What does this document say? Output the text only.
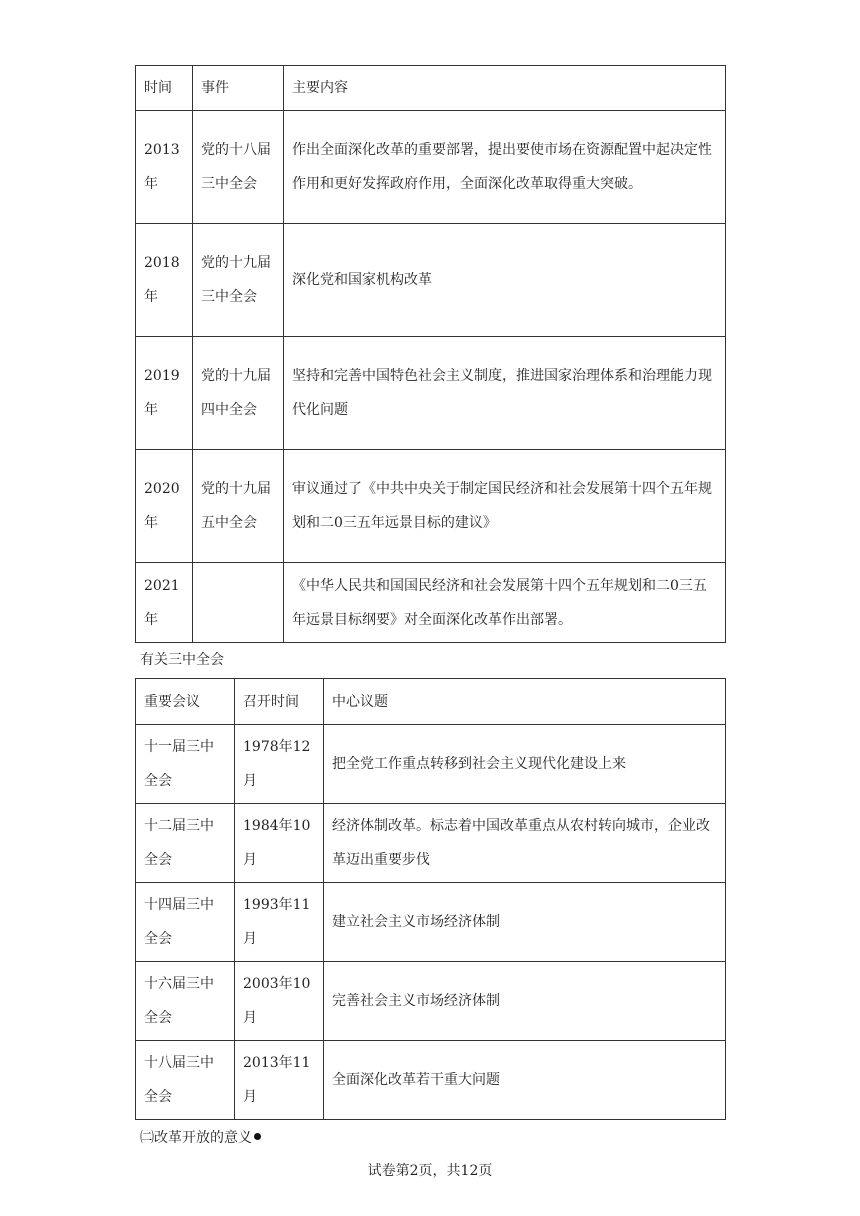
时间	事件	主要内容
2013年	党的十八届三中全会	作出全面深化改革的重要部署，提出要使市场在资源配置中起决定性作用和更好发挥政府作用，全面深化改革取得重大突破。
2018年	党的十九届三中全会	深化党和国家机构改革
2019年	党的十九届四中全会	坚持和完善中国特色社会主义制度，推进国家治理体系和治理能力现代化问题
2020年	党的十九届五中全会	审议通过了《中共中央关于制定国民经济和社会发展第十四个五年规划和二0三五年远景目标的建议》
2021年		《中华人民共和国国民经济和社会发展第十四个五年规划和二0三五年远景目标纲要》对全面深化改革作出部署。
有关三中全会
重要会议	召开时间	中心议题
十一届三中全会	1978年12月	把全党工作重点转移到社会主义现代化建设上来
十二届三中全会	1984年10月	经济体制改革。标志着中国改革重点从农村转向城市，企业改革迈出重要步伐
十四届三中全会	1993年11月	建立社会主义市场经济体制
十六届三中全会	2003年10月	完善社会主义市场经济体制
十八届三中全会	2013年11月	全面深化改革若干重大问题
㈡改革开放的意义
试卷第2页，共12页
